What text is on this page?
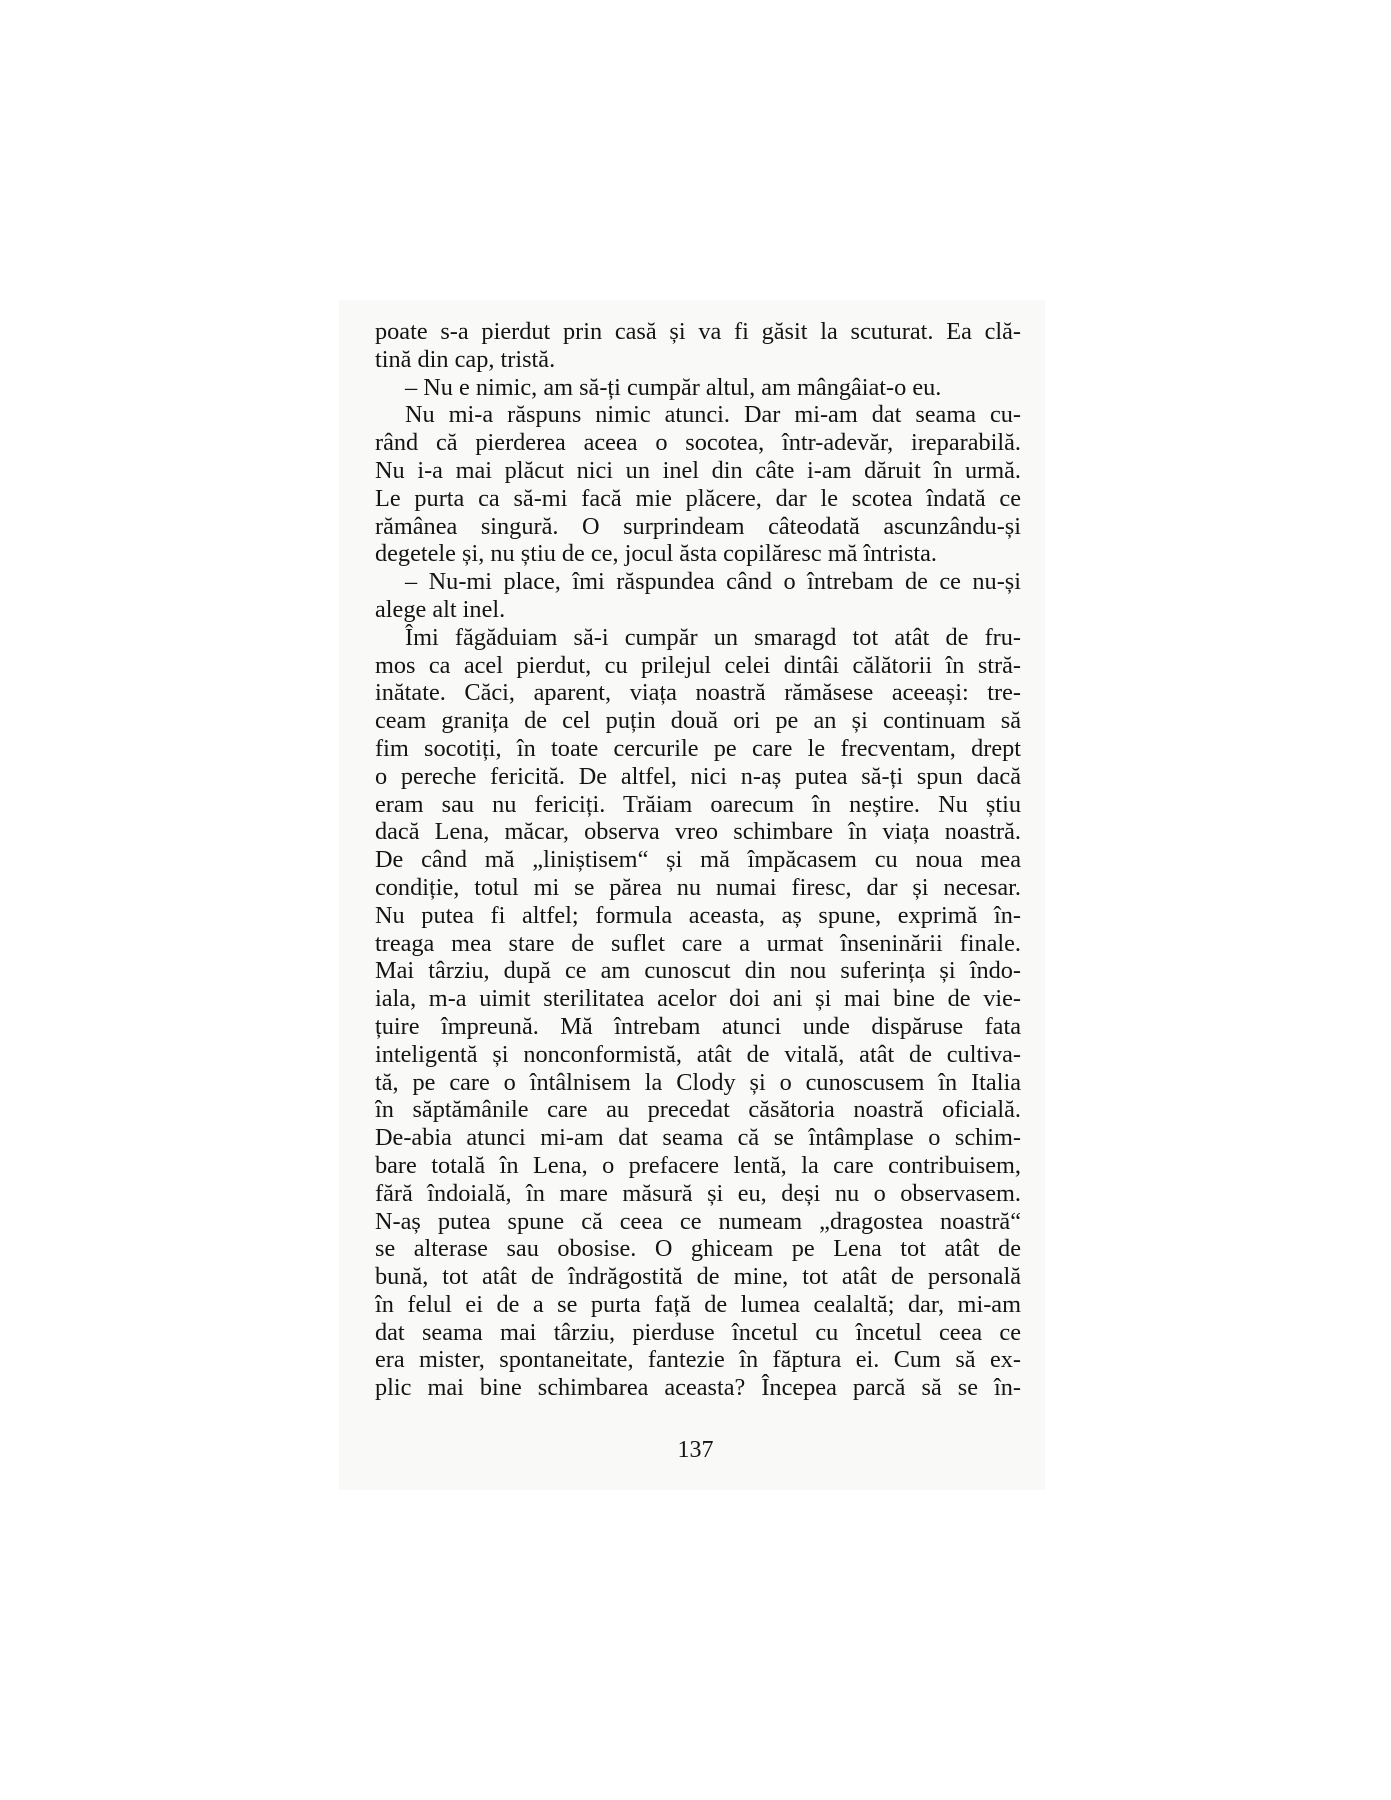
poate s-a pierdut prin casă și va fi găsit la scuturat. Ea clă-
tină din cap, tristă.
– Nu e nimic, am să-ți cumpăr altul, am mângâiat-o eu.
Nu mi-a răspuns nimic atunci. Dar mi-am dat seama cu-
rând că pierderea aceea o socotea, într-adevăr, ireparabilă.
Nu i-a mai plăcut nici un inel din câte i-am dăruit în urmă.
Le purta ca să-mi facă mie plăcere, dar le scotea îndată ce
rămânea singură. O surprindeam câteodată ascunzându-și
degetele și, nu știu de ce, jocul ăsta copilăresc mă întrista.
– Nu-mi place, îmi răspundea când o întrebam de ce nu-și
alege alt inel.
Îmi făgăduiam să-i cumpăr un smaragd tot atât de fru-
mos ca acel pierdut, cu prilejul celei dintâi călătorii în stră-
inătate. Căci, aparent, viața noastră rămăsese aceeași: tre-
ceam granița de cel puțin două ori pe an și continuam să
fim socotiți, în toate cercurile pe care le frecventam, drept
o pereche fericită. De altfel, nici n-aș putea să-ți spun dacă
eram sau nu fericiți. Trăiam oarecum în neștire. Nu știu
dacă Lena, măcar, observa vreo schimbare în viața noastră.
De când mă „liniștisem“ și mă împăcasem cu noua mea
condiție, totul mi se părea nu numai firesc, dar și necesar.
Nu putea fi altfel; formula aceasta, aș spune, exprimă în-
treaga mea stare de suflet care a urmat înseninării finale.
Mai târziu, după ce am cunoscut din nou suferința și îndo-
iala, m-a uimit sterilitatea acelor doi ani și mai bine de vie-
țuire împreună. Mă întrebam atunci unde dispăruse fata
inteligentă și nonconformistă, atât de vitală, atât de cultiva-
tă, pe care o întâlnisem la Clody și o cunoscusem în Italia
în săptămânile care au precedat căsătoria noastră oficială.
De-abia atunci mi-am dat seama că se întâmplase o schim-
bare totală în Lena, o prefacere lentă, la care contribuisem,
fără îndoială, în mare măsură și eu, deși nu o observasem.
N-aș putea spune că ceea ce numeam „dragostea noastră“
se alterase sau obosise. O ghiceam pe Lena tot atât de
bună, tot atât de îndrăgostită de mine, tot atât de personală
în felul ei de a se purta față de lumea cealaltă; dar, mi-am
dat seama mai târziu, pierduse încetul cu încetul ceea ce
era mister, spontaneitate, fantezie în făptura ei. Cum să ex-
plic mai bine schimbarea aceasta? Începea parcă să se în-
137
